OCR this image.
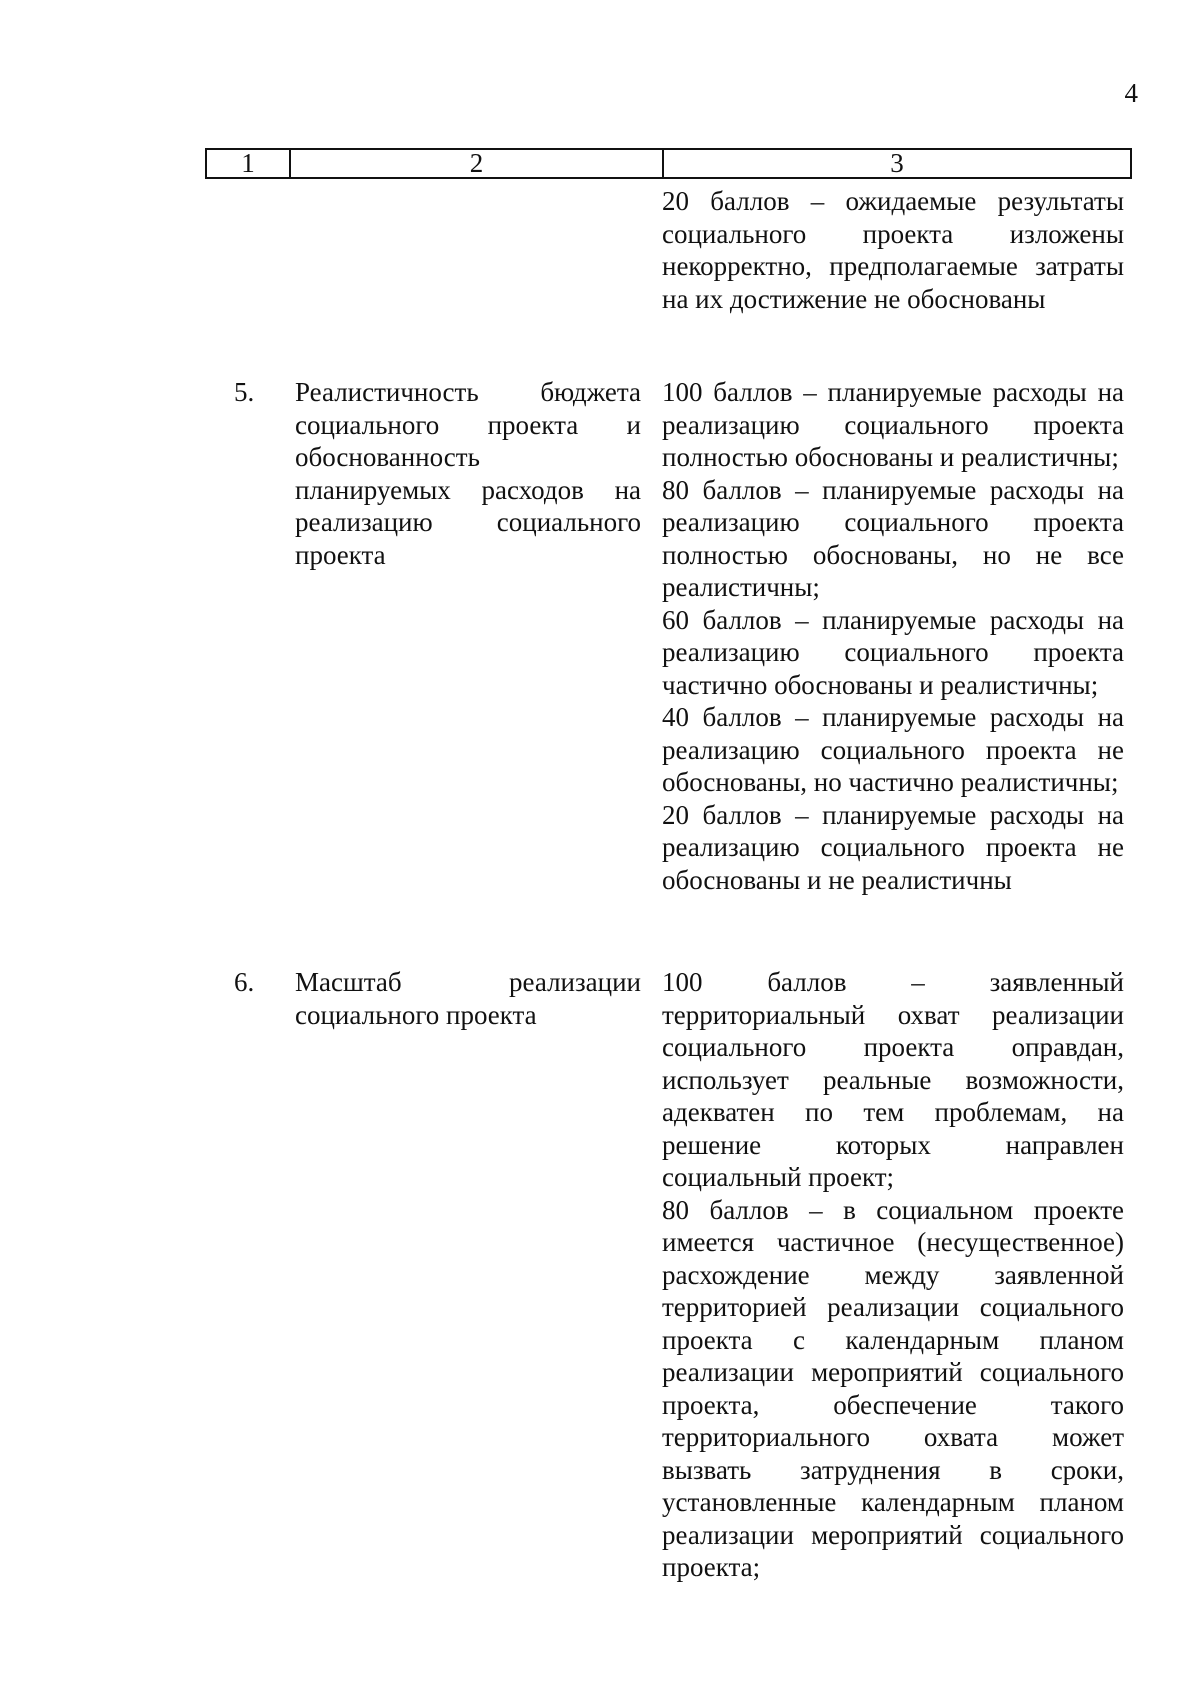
4
1	2	3

20 баллов – ожидаемые результаты социального проекта изложены некорректно, предполагаемые затраты на их достижение не обоснованы

5. Реалистичность бюджета социального проекта и обоснованность планируемых расходов на реализацию социального проекта

100 баллов – планируемые расходы на реализацию социального проекта полностью обоснованы и реалистичны;

80 баллов – планируемые расходы на реализацию социального проекта полностью обоснованы, но не все реалистичны;

60 баллов – планируемые расходы на реализацию социального проекта частично обоснованы и реалистичны;

40 баллов – планируемые расходы на реализацию социального проекта не обоснованы, но частично реалистичны;

20 баллов – планируемые расходы на реализацию социального проекта не обоснованы и не реалистичны

6. Масштаб реализации социального проекта

100 баллов – заявленный территориальный охват реализации социального проекта оправдан, использует реальные возможности, адекватен по тем проблемам, на решение которых направлен социальный проект;

80 баллов – в социальном проекте имеется частичное (несущественное) расхождение между заявленной территорией реализации социального проекта с календарным планом реализации мероприятий социального проекта, обеспечение такого территориального охвата может вызвать затруднения в сроки, установленные календарным планом реализации мероприятий социального проекта;
